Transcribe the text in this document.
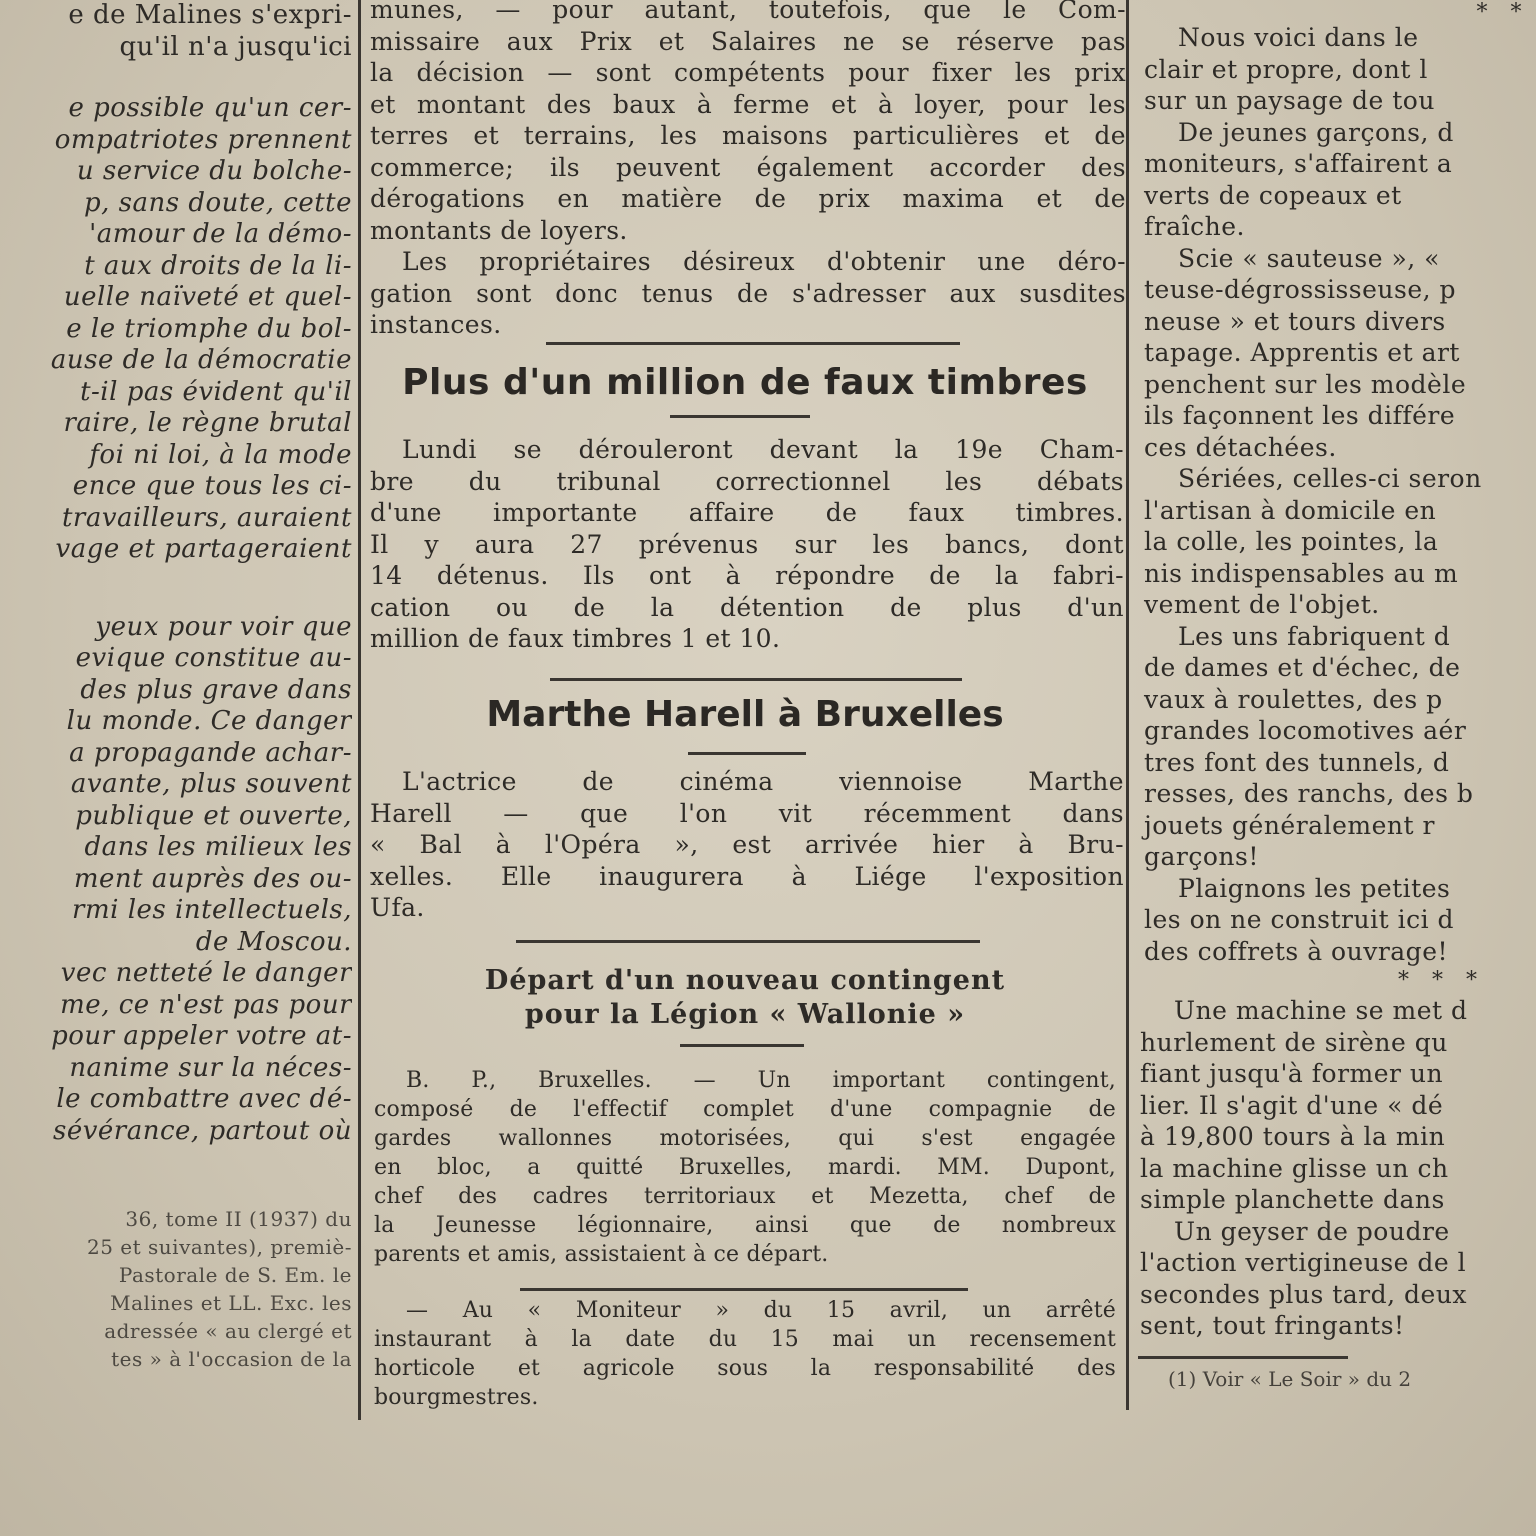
e de Malines s'expri-
qu'il n'a jusqu'ici
e possible qu'un cer-
ompatriotes prennent
u service du bolche-
p, sans doute, cette
'amour de la démo-
t aux droits de la li-
uelle naïveté et quel-
e le triomphe du bol-
ause de la démocratie
t-il pas évident qu'il
raire, le règne brutal
foi ni loi, à la mode
ence que tous les ci-
travailleurs, auraient
vage et partageraient
yeux pour voir que
evique constitue au-
des plus grave dans
lu monde. Ce danger
a propagande achar-
avante, plus souvent
publique et ouverte,
dans les milieux les
ment auprès des ou-
rmi les intellectuels,
de Moscou.
vec netteté le danger
me, ce n'est pas pour
pour appeler votre at-
nanime sur la néces-
le combattre avec dé-
sévérance, partout où
36, tome II (1937) du
25 et suivantes), premiè-
Pastorale de S. Em. le
Malines et LL. Exc. les
adressée « au clergé et
tes » à l'occasion de la
munes, — pour autant, toutefois, que le Com-
missaire aux Prix et Salaires ne se réserve pas
la décision — sont compétents pour fixer les prix
et montant des baux à ferme et à loyer, pour les
terres et terrains, les maisons particulières et de
commerce; ils peuvent également accorder des
dérogations en matière de prix maxima et de
montants de loyers.
Les propriétaires désireux d'obtenir une déro-
gation sont donc tenus de s'adresser aux susdites
instances.
Plus d'un million de faux timbres
Lundi se dérouleront devant la 19e Cham-
bre du tribunal correctionnel les débats
d'une importante affaire de faux timbres.
Il y aura 27 prévenus sur les bancs, dont
14 détenus. Ils ont à répondre de la fabri-
cation ou de la détention de plus d'un
million de faux timbres 1 et 10.
Marthe Harell à Bruxelles
L'actrice de cinéma viennoise Marthe
Harell — que l'on vit récemment dans
« Bal à l'Opéra », est arrivée hier à Bru-
xelles. Elle inaugurera à Liége l'exposition
Ufa.

Départ d'un nouveau contingent

pour la Légion « Wallonie »

B. P., Bruxelles. — Un important contingent,
composé de l'effectif complet d'une compagnie de
gardes wallonnes motorisées, qui s'est engagée
en bloc, a quitté Bruxelles, mardi. MM. Dupont,
chef des cadres territoriaux et Mezetta, chef de
la Jeunesse légionnaire, ainsi que de nombreux
parents et amis, assistaient à ce départ.
— Au « Moniteur » du 15 avril, un arrêté
instaurant à la date du 15 mai un recensement
horticole et agricole sous la responsabilité des
bourgmestres.
* *
Nous voici dans le
clair et propre, dont l
sur un paysage de tou
De jeunes garçons, d
moniteurs, s'affairent a
verts de copeaux et
fraîche.
Scie « sauteuse », «
teuse-dégrossisseuse, p
neuse » et tours divers
tapage. Apprentis et art
penchent sur les modèle
ils façonnent les différe
ces détachées.
Sériées, celles-ci seron
l'artisan à domicile en
la colle, les pointes, la
nis indispensables au m
vement de l'objet.
Les uns fabriquent d
de dames et d'échec, de
vaux à roulettes, des p
grandes locomotives aér
tres font des tunnels, d
resses, des ranchs, des b
jouets généralement r
garçons!
Plaignons les petites
les on ne construit ici d
des coffrets à ouvrage!
* * *
Une machine se met d
hurlement de sirène qu
fiant jusqu'à former un
lier. Il s'agit d'une « dé
à 19,800 tours à la min
la machine glisse un ch
simple planchette dans
Un geyser de poudre
l'action vertigineuse de l
secondes plus tard, deux
sent, tout fringants!
(1) Voir « Le Soir » du 2
